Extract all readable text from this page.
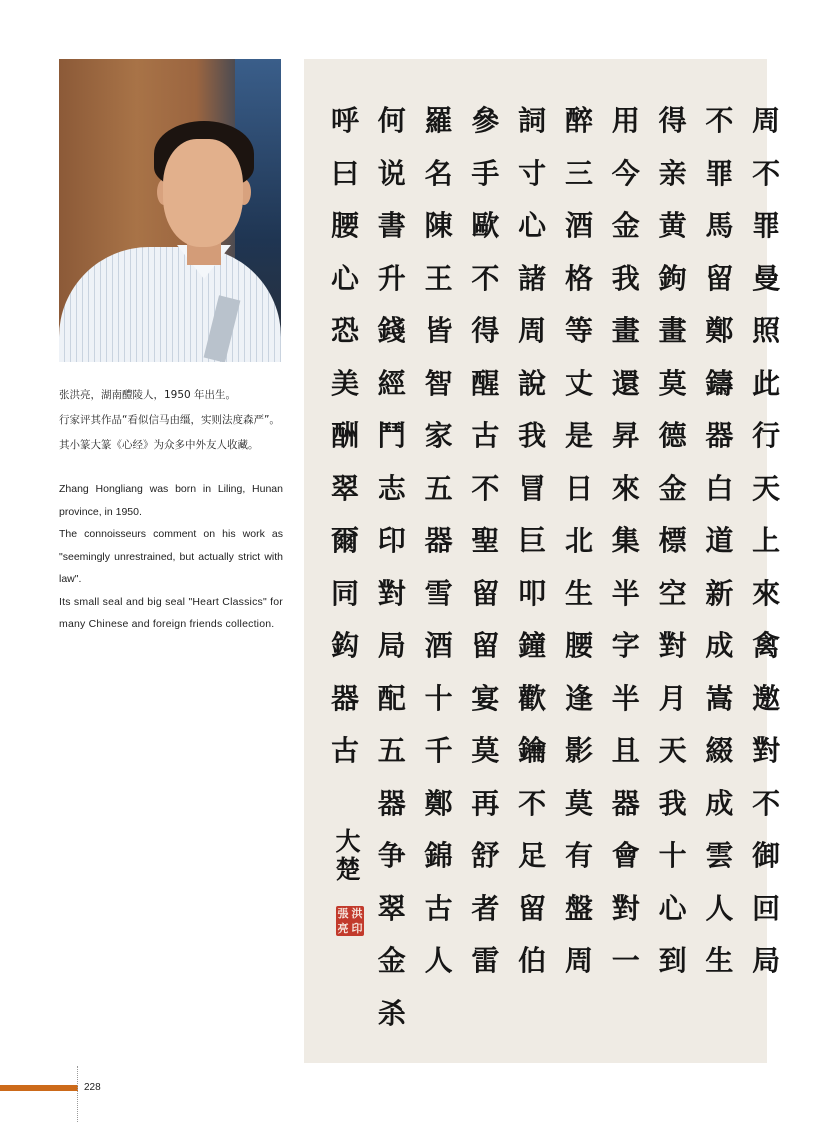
张洪亮，湖南醴陵人，1950 年出生。
行家评其作品“看似信马由缰，实则法度森严”。
其小篆大篆《心经》为众多中外友人收藏。

Zhang Hongliang was born in Liling, Hunan province, in 1950.

The connoisseurs comment on his work as "seemingly unrestrained, but actually strict with law".

Its small seal and big seal "Heart Classics" for many Chinese and foreign friends collection.

呼
曰
腰
心
恐
美
酬
翠
爾
同
鈎
器
古
何
说
書
升
錢
經
鬥
志
印
對
局
配
五
羅
名
陳
王
皆
智
家
五
器
雪
酒
十
千
參
手
歐
不
得
醒
古
不
聖
留
留
宴
莫
詞
寸
心
諸
周
說
我
冒
巨
叩
鐘
歡
鑰
醉
三
酒
格
等
丈
是
日
北
生
腰
逢
影
用
今
金
我
畫
還
昇
來
集
半
字
半
且
得
亲
黄
鉤
畫
莫
德
金
標
空
對
月
天
不
罪
馬
留
鄭
鑄
器
白
道
新
成
嵩
綴
周
不
罪
曼
照
此
行
天
上
來
禽
邀
對
器
争
翠
金
杀
鄭
錦
古
人
再
舒
者
雷
不
足
留
伯
莫
有
盤
周
器
會
對
一
我
十
心
到
成
雲
人
生
不
御
回
局
大
楚
張 洪
亮 印
228
